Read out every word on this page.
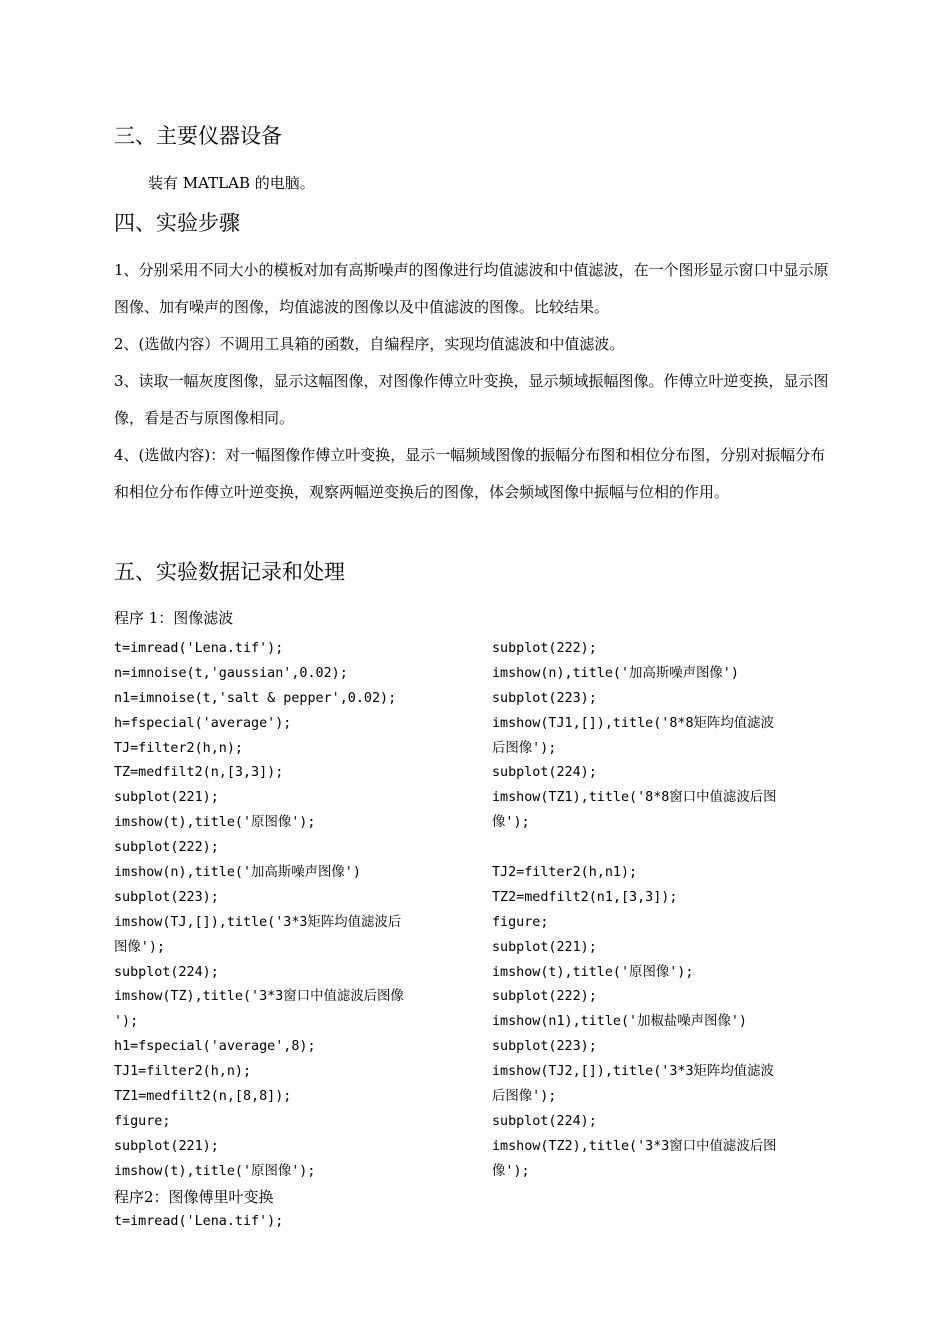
三、主要仪器设备

装有 MATLAB 的电脑。

四、实验步骤

1、分别采用不同大小的模板对加有高斯噪声的图像进行均值滤波和中值滤波，在一个图形显示窗口中显示原图像、加有噪声的图像，均值滤波的图像以及中值滤波的图像。比较结果。

2、(选做内容）不调用工具箱的函数，自编程序，实现均值滤波和中值滤波。

3、读取一幅灰度图像，显示这幅图像，对图像作傅立叶变换，显示频域振幅图像。作傅立叶逆变换，显示图像，看是否与原图像相同。

4、(选做内容)：对一幅图像作傅立叶变换，显示一幅频域图像的振幅分布图和相位分布图，分别对振幅分布和相位分布作傅立叶逆变换，观察两幅逆变换后的图像，体会频域图像中振幅与位相的作用。

五、实验数据记录和处理
程序 1：图像滤波
t=imread('Lena.tif');
n=imnoise(t,'gaussian',0.02);
n1=imnoise(t,'salt & pepper',0.02);
h=fspecial('average');
TJ=filter2(h,n);
TZ=medfilt2(n,[3,3]);
subplot(221);
imshow(t),title('原图像');
subplot(222);
imshow(n),title('加高斯噪声图像')
subplot(223);
imshow(TJ,[]),title('3*3矩阵均值滤波后
图像');
subplot(224);
imshow(TZ),title('3*3窗口中值滤波后图像
');
h1=fspecial('average',8);
TJ1=filter2(h,n);
TZ1=medfilt2(n,[8,8]);
figure;
subplot(221);
imshow(t),title('原图像');
subplot(222);
imshow(n),title('加高斯噪声图像')
subplot(223);
imshow(TJ1,[]),title('8*8矩阵均值滤波
后图像');
subplot(224);
imshow(TZ1),title('8*8窗口中值滤波后图
像');
TJ2=filter2(h,n1);
TZ2=medfilt2(n1,[3,3]);
figure;
subplot(221);
imshow(t),title('原图像');
subplot(222);
imshow(n1),title('加椒盐噪声图像')
subplot(223);
imshow(TJ2,[]),title('3*3矩阵均值滤波
后图像');
subplot(224);
imshow(TZ2),title('3*3窗口中值滤波后图
像');
程序2：图像傅里叶变换
t=imread('Lena.tif');
